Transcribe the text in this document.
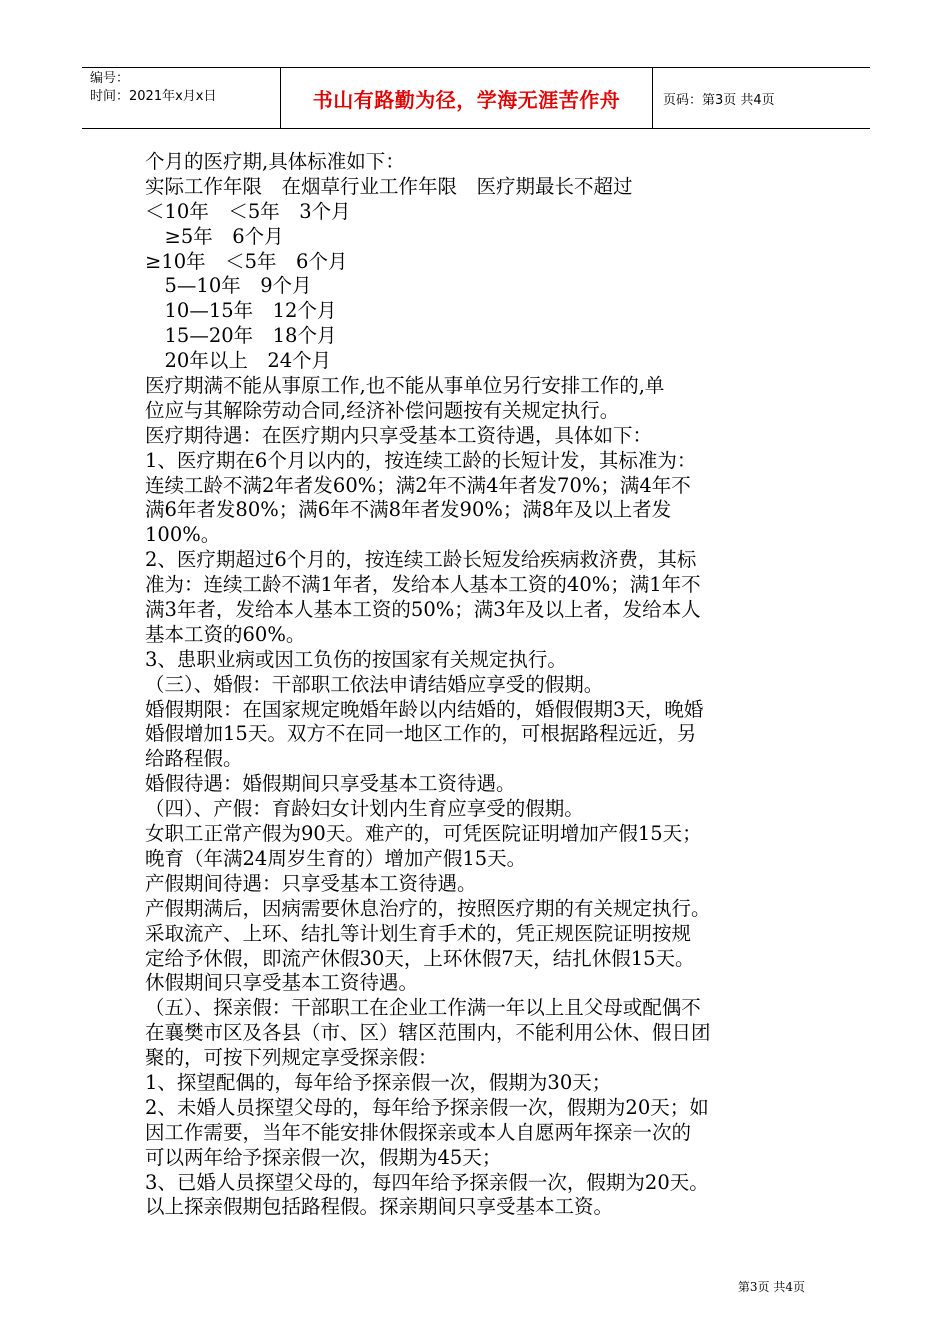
编号：
时间：2021年x月x日	书山有路勤为径，学海无涯苦作舟	页码：第3页 共4页
个月的医疗期,具体标准如下：
实际工作年限　在烟草行业工作年限　医疗期最长不超过
＜10年　＜5年　3个月
　≥5年　6个月
≥10年　＜5年　6个月
　5—10年　9个月
　10—15年　12个月
　15—20年　18个月
　20年以上　24个月
医疗期满不能从事原工作,也不能从事单位另行安排工作的,单
位应与其解除劳动合同,经济补偿问题按有关规定执行。
医疗期待遇：在医疗期内只享受基本工资待遇，具体如下：
1、医疗期在6个月以内的，按连续工龄的长短计发，其标准为：
连续工龄不满2年者发60%；满2年不满4年者发70%；满4年不
满6年者发80%；满6年不满8年者发90%；满8年及以上者发
100%。
2、医疗期超过6个月的，按连续工龄长短发给疾病救济费，其标
准为：连续工龄不满1年者，发给本人基本工资的40%；满1年不
满3年者，发给本人基本工资的50%；满3年及以上者，发给本人
基本工资的60%。
3、患职业病或因工负伤的按国家有关规定执行。
（三）、婚假：干部职工依法申请结婚应享受的假期。
婚假期限：在国家规定晚婚年龄以内结婚的，婚假假期3天，晚婚
婚假增加15天。双方不在同一地区工作的，可根据路程远近，另
给路程假。
婚假待遇：婚假期间只享受基本工资待遇。
（四）、产假：育龄妇女计划内生育应享受的假期。
女职工正常产假为90天。难产的，可凭医院证明增加产假15天；
晚育（年满24周岁生育的）增加产假15天。
产假期间待遇：只享受基本工资待遇。
产假期满后，因病需要休息治疗的，按照医疗期的有关规定执行。
采取流产、上环、结扎等计划生育手术的，凭正规医院证明按规
定给予休假，即流产休假30天，上环休假7天，结扎休假15天。
休假期间只享受基本工资待遇。
（五）、探亲假：干部职工在企业工作满一年以上且父母或配偶不
在襄樊市区及各县（市、区）辖区范围内，不能利用公休、假日团
聚的，可按下列规定享受探亲假：
1、探望配偶的，每年给予探亲假一次，假期为30天；
2、未婚人员探望父母的，每年给予探亲假一次，假期为20天；如
因工作需要，当年不能安排休假探亲或本人自愿两年探亲一次的
可以两年给予探亲假一次，假期为45天；
3、已婚人员探望父母的，每四年给予探亲假一次，假期为20天。
以上探亲假期包括路程假。探亲期间只享受基本工资。
第3页 共4页
